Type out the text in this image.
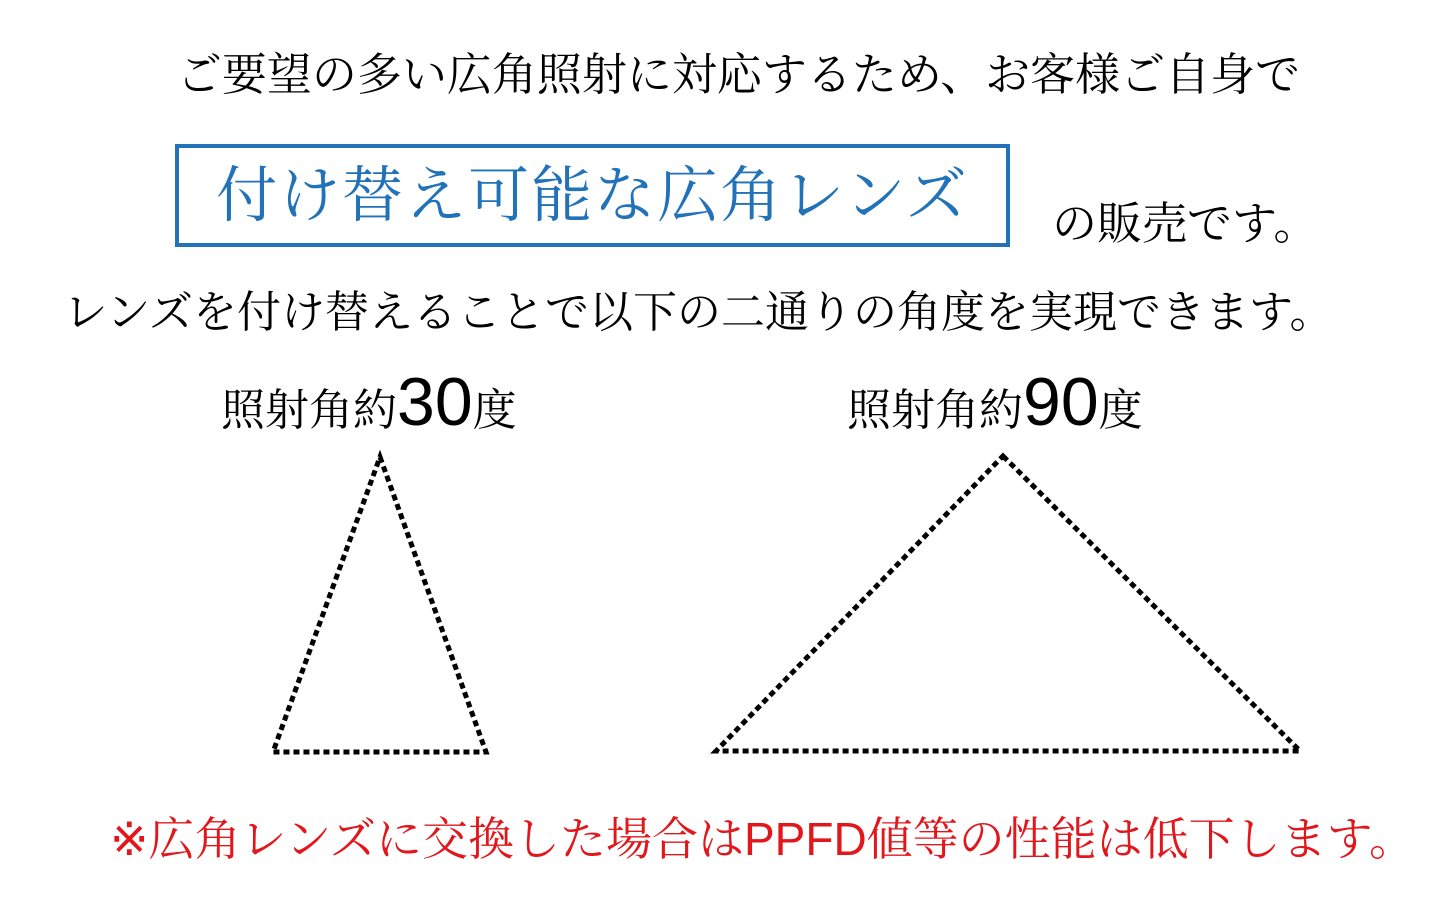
ご要望の多い広角照射に対応するため、お客様ご自身で
付け替え可能な広角レンズ の販売です。
レンズを付け替えることで以下の二通りの角度を実現できます。
照射角約30度	照射角約90度
※広角レンズに交換した場合はPPFD値等の性能は低下します。
